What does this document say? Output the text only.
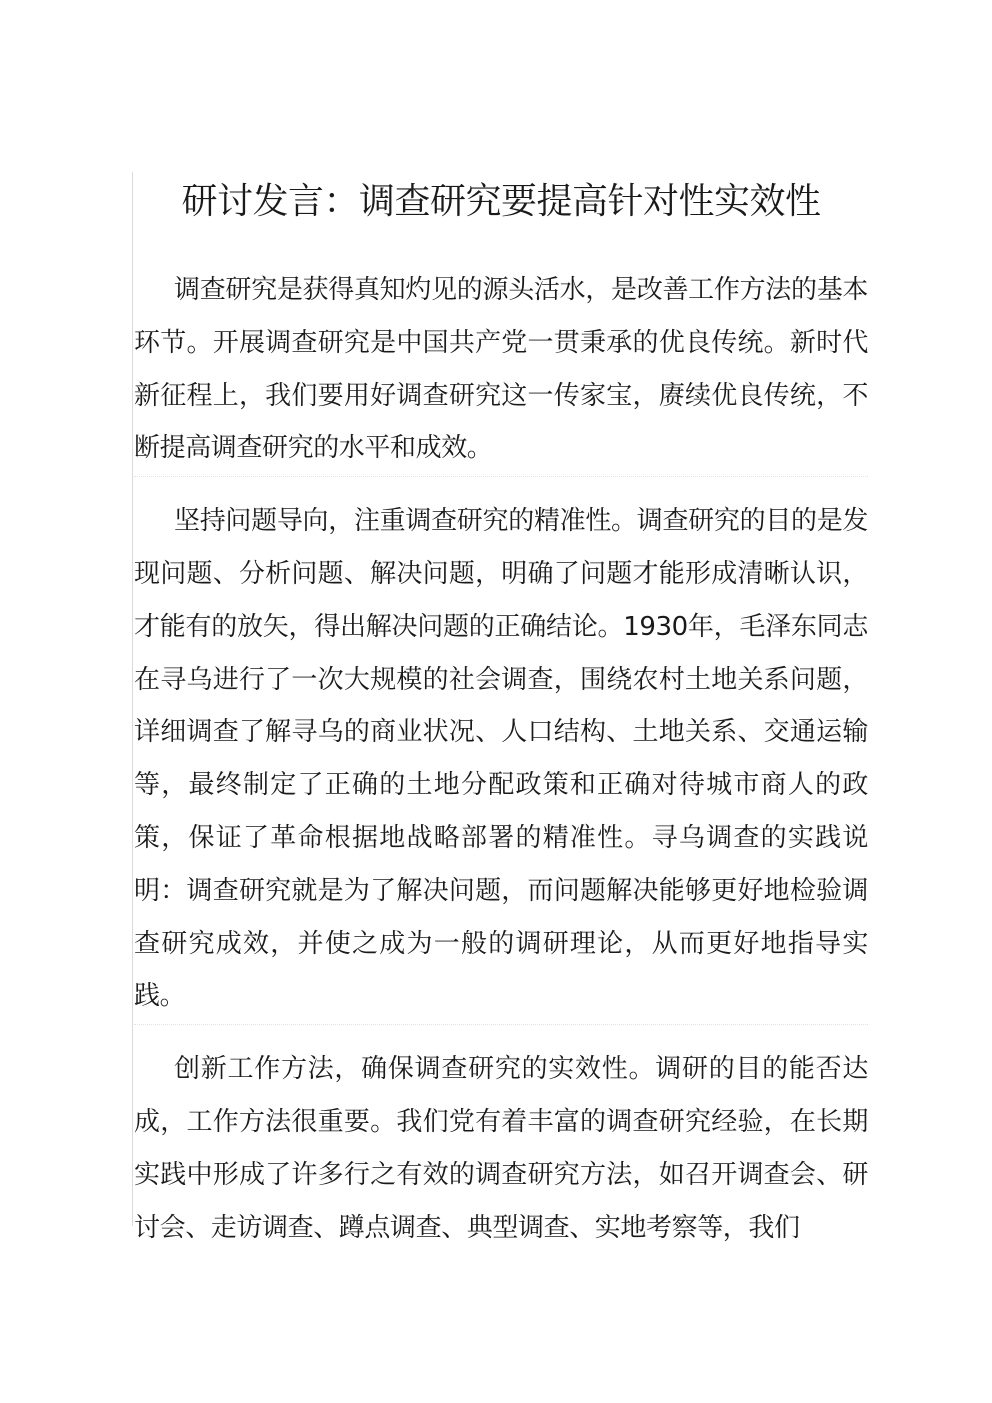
研讨发言：调查研究要提高针对性实效性

调查研究是获得真知灼见的源头活水，是改善工作方法的基本环节。开展调查研究是中国共产党一贯秉承的优良传统。新时代新征程上，我们要用好调查研究这一传家宝，赓续优良传统，不断提高调查研究的水平和成效。

坚持问题导向，注重调查研究的精准性。调查研究的目的是发现问题、分析问题、解决问题，明确了问题才能形成清晰认识，才能有的放矢，得出解决问题的正确结论。1930年，毛泽东同志在寻乌进行了一次大规模的社会调查，围绕农村土地关系问题，详细调查了解寻乌的商业状况、人口结构、土地关系、交通运输等，最终制定了正确的土地分配政策和正确对待城市商人的政策，保证了革命根据地战略部署的精准性。寻乌调查的实践说明：调查研究就是为了解决问题，而问题解决能够更好地检验调查研究成效，并使之成为一般的调研理论，从而更好地指导实践。

创新工作方法，确保调查研究的实效性。调研的目的能否达成，工作方法很重要。我们党有着丰富的调查研究经验，在长期实践中形成了许多行之有效的调查研究方法，如召开调查会、研讨会、走访调查、蹲点调查、典型调查、实地考察等，我们
